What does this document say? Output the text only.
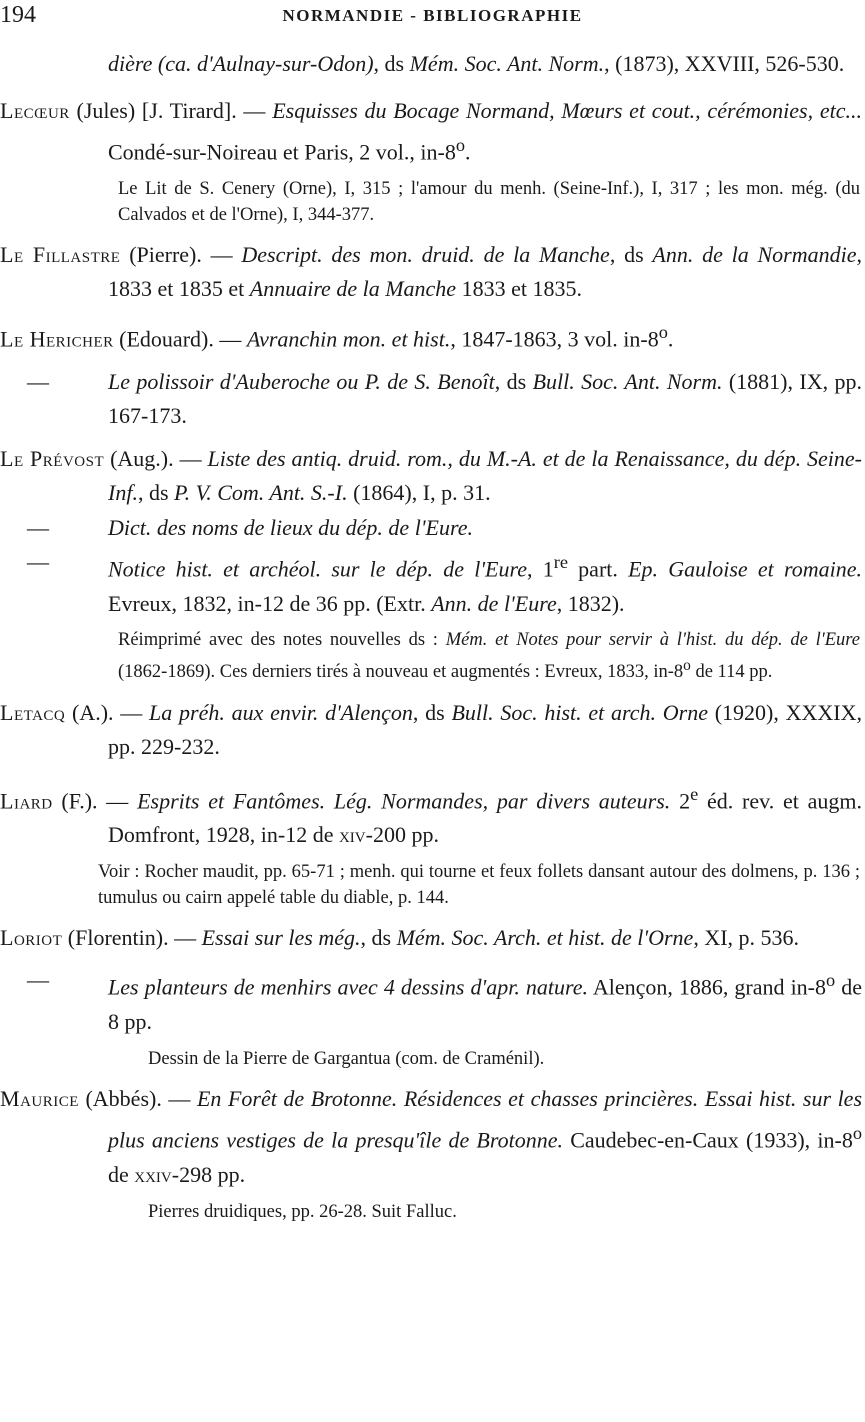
194	NORMANDIE - BIBLIOGRAPHIE

dière (ca. d'Aulnay-sur-Odon), ds Mém. Soc. Ant. Norm., (1873), XXVIII, 526-530.

Lecœur (Jules) [J. Tirard]. — Esquisses du Bocage Normand, Mœurs et cout., cérémonies, etc... Condé-sur-Noireau et Paris, 2 vol., in-8$^o$.

Le Lit de S. Cenery (Orne), I, 315 ; l'amour du menh. (Seine-Inf.), I, 317 ; les mon. még. (du Calvados et de l'Orne), I, 344-377.

Le Fillastre (Pierre). — Descript. des mon. druid. de la Manche, ds Ann. de la Normandie, 1833 et 1835 et Annuaire de la Manche 1833 et 1835.

Le Hericher (Edouard). — Avranchin mon. et hist., 1847-1863, 3 vol. in-8$^o$.

—	Le polissoir d'Auberoche ou P. de S. Benoît, ds Bull. Soc. Ant. Norm. (1881), IX, pp. 167-173.

Le Prévost (Aug.). — Liste des antiq. druid. rom., du M.-A. et de la Renaissance, du dép. Seine-Inf., ds P. V. Com. Ant. S.-I. (1864), I, p. 31.

—	Dict. des noms de lieux du dép. de l'Eure.

—	Notice hist. et archéol. sur le dép. de l'Eure, 1re part. Ep. Gauloise et romaine. Evreux, 1832, in-12 de 36 pp. (Extr. Ann. de l'Eure, 1832).

Réimprimé avec des notes nouvelles ds : Mém. et Notes pour servir à l'hist. du dép. de l'Eure (1862-1869). Ces derniers tirés à nouveau et augmentés : Evreux, 1833, in-8$^o$ de 114 pp.

Letacq (A.). — La préh. aux envir. d'Alençon, ds Bull. Soc. hist. et arch. Orne (1920), XXXIX, pp. 229-232.

Liard (F.). — Esprits et Fantômes. Lég. Normandes, par divers auteurs. 2e éd. rev. et augm. Domfront, 1928, in-12 de xiv-200 pp.

Voir : Rocher maudit, pp. 65-71 ; menh. qui tourne et feux follets dansant autour des dolmens, p. 136 ; tumulus ou cairn appelé table du diable, p. 144.

Loriot (Florentin). — Essai sur les még., ds Mém. Soc. Arch. et hist. de l'Orne, XI, p. 536.

—	Les planteurs de menhirs avec 4 dessins d'apr. nature. Alençon, 1886, grand in-8$^o$ de 8 pp.

Dessin de la Pierre de Gargantua (com. de Craménil).

Maurice (Abbés). — En Forêt de Brotonne. Résidences et chasses princières. Essai hist. sur les plus anciens vestiges de la presqu'île de Brotonne. Caudebec-en-Caux (1933), in-8$^o$ de xxiv-298 pp.

Pierres druidiques, pp. 26-28. Suit Falluc.
